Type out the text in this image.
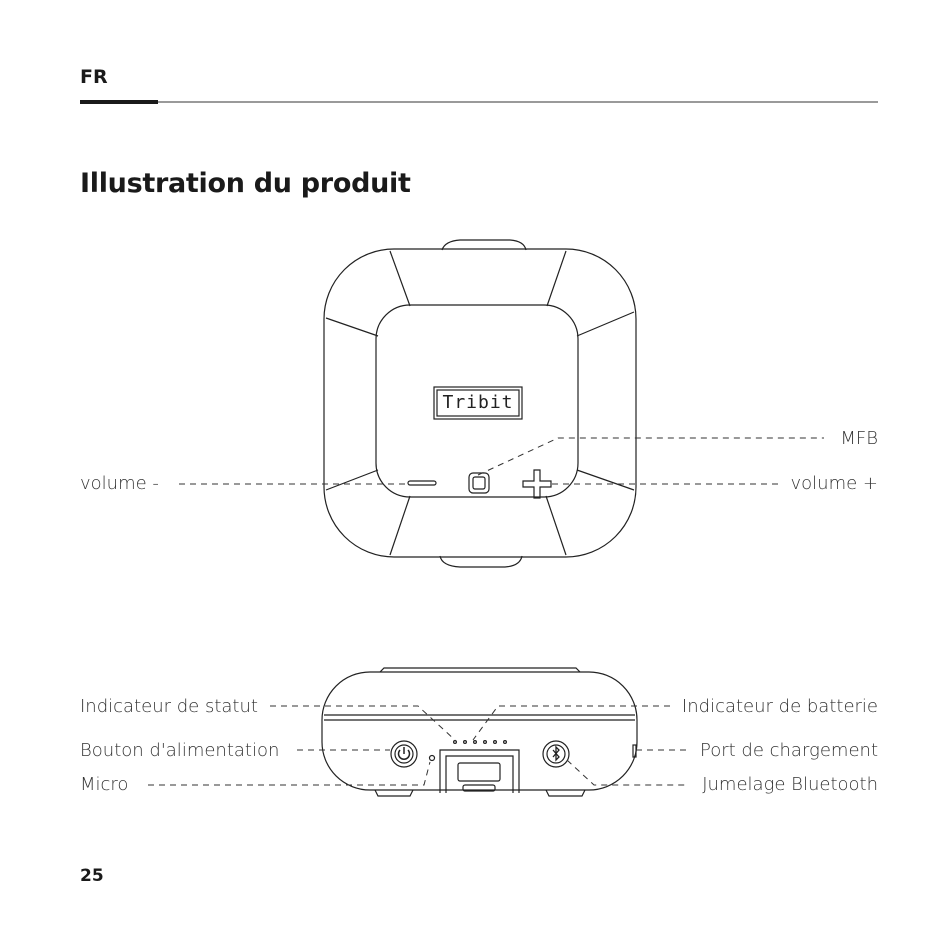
FR
Illustration du produit
Tribit
volume -
MFB
volume +
Indicateur de statut
Bouton d'alimentation
Micro
Indicateur de batterie
Port de chargement
Jumelage Bluetooth
25
